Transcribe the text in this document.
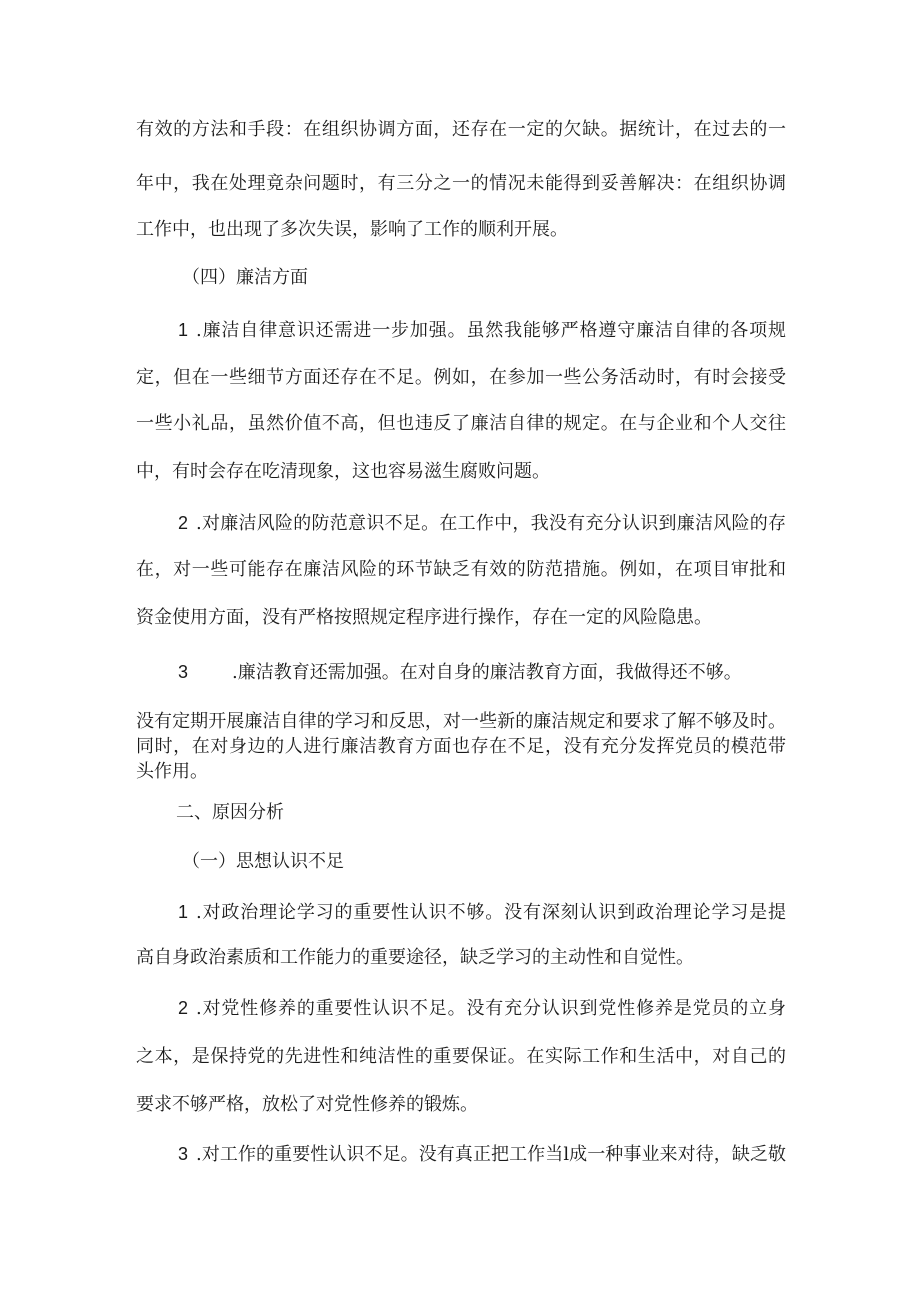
有效的方法和手段：在组织协调方面，还存在一定的欠缺。据统计，在过去的一
年中，我在处理竟杂问题时，有三分之一的情况未能得到妥善解决：在组织协调
工作中，也出现了多次失误，影响了工作的顺利开展。
（四）廉洁方面
1 .廉洁自律意识还需进一步加强。虽然我能够严格遵守廉洁自律的各项规
定，但在一些细节方面还存在不足。例如，在参加一些公务活动时，有时会接受
一些小礼品，虽然价值不高，但也违反了廉洁自律的规定。在与企业和个人交往
中，有时会存在吃清现象，这也容易滋生腐败问题。
2 .对廉洁风险的防范意识不足。在工作中，我没有充分认识到廉洁风险的存
在，对一些可能存在廉洁风险的环节缺乏有效的防范措施。例如，在项目审批和
资金使用方面，没有严格按照规定程序进行操作，存在一定的风险隐患。
3 .廉洁教育还需加强。在对自身的廉洁教育方面，我做得还不够。
没有定期开展廉洁自律的学习和反思，对一些新的廉洁规定和要求了解不够及时。
同时，在对身边的人进行廉洁教育方面也存在不足，没有充分发挥党员的模范带
头作用。
二、原因分析
（一）思想认识不足
1 .对政治理论学习的重要性认识不够。没有深刻认识到政治理论学习是提
高自身政治素质和工作能力的重要途径，缺乏学习的主动性和自觉性。
2 .对党性修养的重要性认识不足。没有充分认识到党性修养是党员的立身
之本，是保持党的先进性和纯洁性的重要保证。在实际工作和生活中，对自己的
要求不够严格，放松了对党性修养的锻炼。
3 .对工作的重要性认识不足。没有真正把工作当l成一种事业来对待，缺乏敬
